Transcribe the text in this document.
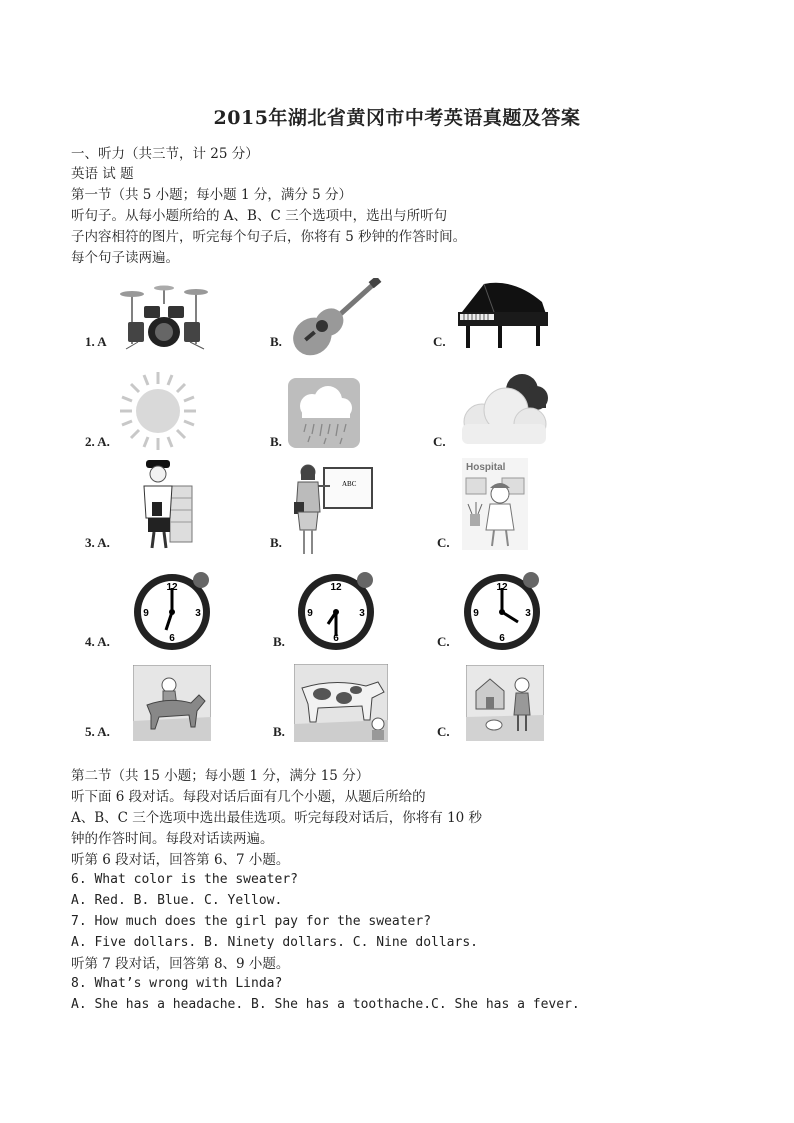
2015年湖北省黄冈市中考英语真题及答案
一、听力（共三节，计 25 分）
英语 试 题
第一节（共 5 小题；每小题 1 分，满分 5 分）
听句子。从每小题所给的 A、B、C 三个选项中，选出与所听句
子内容相符的图片，听完每个句子后，你将有 5 秒钟的作答时间。
每个句子读两遍。
1. A	B.	C.
2. A.	B.	C.
3. A.	B.	C.
ABC
Hospital
4. A.	B.	C.
12
3
6
9
12
3
6
9
12
3
6
9
5. A.	B.	C.
第二节（共 15 小题；每小题 1 分，满分 15 分）
听下面 6 段对话。每段对话后面有几个小题，从题后所给的
A、B、C 三个选项中选出最佳选项。听完每段对话后，你将有 10 秒
钟的作答时间。每段对话读两遍。
听第 6 段对话，回答第 6、7 小题。
6. What color is the sweater?
A. Red. B. Blue. C. Yellow.
7. How much does the girl pay for the sweater?
A. Five dollars. B. Ninety dollars. C. Nine dollars.
听第 7 段对话，回答第 8、9 小题。
8. What’s wrong with Linda?
A. She has a headache. B. She has a toothache.C. She has a fever.
